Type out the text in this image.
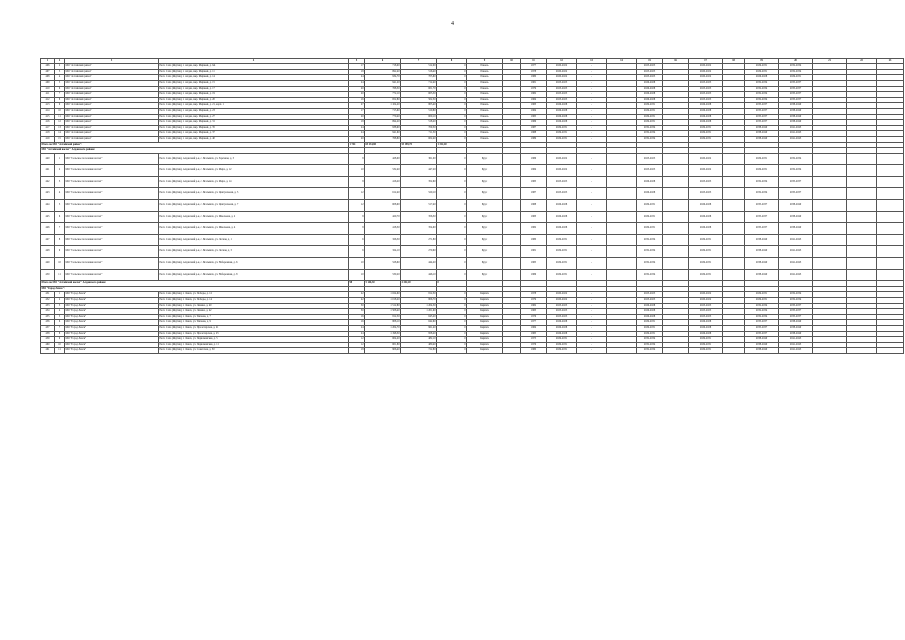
4
1	2	3	4	5	6	7	8	9	10	11	12	13	14	15	16	17	18	19	20	21	22	23
406	2	МО "Алтайский район"	Респ. Саха (Якутия), г. Алдан, мкр. Мирный, д. 9А	17	718,00	512,00	0	Панель		1977	2020-2022	-		2023-2025		2020-2022		2029-2031	2032-2034			
407	3	МО "Алтайский район"	Респ. Саха (Якутия), г. Алдан, мкр. Мирный, д. 11	18	692,40	516,40	0	Панель		1978	2020-2022	-		2023-2025		2020-2022		2029-2031	2032-2034			
408	4	МО "Алтайский район"	Респ. Саха (Якутия), г. Алдан, мкр. Мирный, д. 14	24	934,70	705,60	0	Панель		1980	2020-2022	-		2023-2025		2020-2022		2026-2028	2029-2031			
409	5	МО "Алтайский район"	Респ. Саха (Якутия), г. Алдан, мкр. Мирный, д. 15	24	941,20	712,40	0	Панель		1981	2023-2025	-		2026-2028		2023-2025		2032-2034	2035-2037			
410	6	МО "Алтайский район"	Респ. Саха (Якутия), г. Алдан, мкр. Мирный, д. 17	20	768,30	601,70	0	Панель		1979	2023-2025	-		2026-2028		2023-2025		2032-2034	2035-2037			
411	7	МО "Алтайский район"	Респ. Саха (Якутия), г. Алдан, мкр. Мирный, д. 19	20	772,10	603,50	0	Панель		1982	2023-2025	-		2026-2028		2023-2025		2032-2034	2035-2037			
412	8	МО "Алтайский район"	Респ. Саха (Якутия), г. Алдан, мкр. Мирный, д. 20	16	652,80	502,30	0	Панель		1984	2023-2025	-		2026-2028		2023-2025		2032-2034	2035-2037			
413	9	МО "Алтайский район"	Респ. Саха (Якутия), г. Алдан, мкр. Мирный, д. 21, корп. 1	27	1 104,20	805,40	0	Панель		1983	2026-2028	-		2029-2031		2026-2028		2035-2037	2038-2040			
414	10	МО "Алтайский район"	Респ. Саха (Якутия), г. Алдан, мкр. Мирный, д. 23	17	715,60	510,80	0	Панель		1984	2026-2028	-		2029-2031		2026-2028		2035-2037	2038-2040			
415	11	МО "Алтайский район"	Респ. Саха (Якутия), г. Алдан, мкр. Мирный, д. 27	20	770,40	600,10	0	Панель		1985	2026-2028	-		2029-2031		2026-2028		2035-2037	2038-2040			
416	12	МО "Алтайский район"	Респ. Саха (Якутия), г. Алдан, мкр. Мирный, д. 31	18	694,20	518,20	0	Панель		1986	2026-2028	-		2029-2031		2026-2028		2035-2037	2038-2040			
417	13	МО "Алтайский район"	Респ. Саха (Якутия), г. Алдан, мкр. Мирный, д. 35	24	938,90	709,30	0	Панель		1987	2029-2031	-		2032-2034		2029-2031		2038-2040	2041-2043			
418	14	МО "Алтайский район"	Респ. Саха (Якутия), г. Алдан, мкр. Мирный, д. 37	24	941,60	711,50	0	Панель		1988	2029-2031	-		2032-2034		2029-2031		2038-2040	2041-2043			
419	15	МО "Алтайский район"	Респ. Саха (Якутия), г. Алдан, мкр. Мирный, д. 40	20	768,80	602,40	0	Панель		1989	2029-2031	-		2032-2034		2029-2031		2038-2040	2041-2043			
Итого по МО "Алтайский район":				1 744	65 234,80	53 189,70	1 312,40															
МО "Алтайский наслег" Алданского района:																						
440	1	МО "Сельское поселение наслег"	Респ. Саха (Якутия), Алданский р-н, с. Ыллымах, ул. Заречная, д. 3	8	428,00	361,00	0	Брус		1986	2020-2022	-		2023-2025		2020-2022		2029-2031	2032-2034			
441	2	МО "Сельское поселение наслег"	Респ. Саха (Якутия), Алданский р-н, с. Ыллымах, ул. Мира, д. 12	10	532,40	447,20	0	Брус		1984	2020-2022	-		2023-2025		2020-2022		2029-2031	2032-2034			
442	3	МО "Сельское поселение наслег"	Респ. Саха (Якутия), Алданский р-н, с. Ыллымах, ул. Мира, д. 14	8	416,20	352,60	0	Брус		1985	2023-2025	-		2026-2028		2023-2025		2032-2034	2035-2037			
443	4	МО "Сельское поселение наслег"	Респ. Саха (Якутия), Алданский р-н, с. Ыллымах, ул. Центральная, д. 5	12	612,40	520,10	0	Брус		1987	2023-2025	-		2026-2028		2023-2025		2032-2034	2035-2037			
444	5	МО "Сельское поселение наслег"	Респ. Саха (Якутия), Алданский р-н, с. Ыллымах, ул. Центральная, д. 7	12	608,90	517,40	0	Брус		1988	2026-2028	-		2029-2031		2026-2028		2035-2037	2038-2040			
445	6	МО "Сельское поселение наслег"	Респ. Саха (Якутия), Алданский р-н, с. Ыллымах, ул. Школьная, д. 2	8	420,70	356,30	0	Брус		1983	2026-2028	-		2029-2031		2026-2028		2035-2037	2038-2040			
446	7	МО "Сельское поселение наслег"	Респ. Саха (Якутия), Алданский р-н, с. Ыллымах, ул. Школьная, д. 4	8	418,30	354,90	0	Брус		1982	2026-2028	-		2029-2031		2026-2028		2035-2037	2038-2040			
447	8	МО "Сельское поселение наслег"	Респ. Саха (Якутия), Алданский р-н, с. Ыллымах, ул. Лесная, д. 1	6	326,50	271,80	0	Брус		1980	2029-2031	-		2032-2034		2029-2031		2038-2040	2041-2043			
448	9	МО "Сельское поселение наслег"	Респ. Саха (Якутия), Алданский р-н, с. Ыллымах, ул. Лесная, д. 3	6	324,10	270,60	0	Брус		1981	2029-2031	-		2032-2034		2029-2031		2038-2040	2041-2043			
449	10	МО "Сельское поселение наслег"	Респ. Саха (Якутия), Алданский р-н, с. Ыллымах, ул. Набережная, д. 6	10	528,60	444,20	0	Брус		1985	2029-2031	-		2032-2034		2029-2031		2038-2040	2041-2043			
450	11	МО "Сельское поселение наслег"	Респ. Саха (Якутия), Алданский р-н, с. Ыллымах, ул. Набережная, д. 8	10	530,20	446,10	0	Брус		1986	2029-2031	-		2032-2034		2029-2031		2038-2040	2041-2043			
Итого по МО "Алтайский наслег" Алданского района:				98	5 146,30	4 342,20	0															
МО "Город Ленск":																						
451	1	МО "Город Ленск"	Респ. Саха (Якутия), г. Ленск, ул. Победы, д. 12	22	1 024,60	812,30	0	Кирпич		1978	2020-2022	-		2023-2025		2020-2022		2029-2031	2032-2034			
452	2	МО "Город Ленск"	Респ. Саха (Якутия), г. Ленск, ул. Победы, д. 14	22	1 018,20	806,70	0	Кирпич		1979	2020-2022	-		2023-2025		2020-2022		2029-2031	2032-2034			
453	3	МО "Город Ленск"	Респ. Саха (Якутия), г. Ленск, ул. Ленина, д. 40	30	1 512,80	1 204,50	0	Кирпич		1982	2023-2025	-		2026-2028		2023-2025		2032-2034	2035-2037			
454	4	МО "Город Ленск"	Респ. Саха (Якутия), г. Ленск, ул. Ленина, д. 42	30	1 508,40	1 201,90	0	Кирпич		1983	2023-2025	-		2026-2028		2023-2025		2032-2034	2035-2037			
455	5	МО "Город Ленск"	Респ. Саха (Якутия), г. Ленск, ул. Чапаева, д. 7	16	812,50	645,20	0	Кирпич		1976	2023-2025	-		2026-2028		2023-2025		2032-2034	2035-2037			
456	6	МО "Город Ленск"	Респ. Саха (Якутия), г. Ленск, ул. Чапаева, д. 9	16	808,10	642,60	0	Кирпич		1977	2026-2028	-		2029-2031		2026-2028		2035-2037	2038-2040			
457	7	МО "Город Ленск"	Респ. Саха (Якутия), г. Ленск, ул. Пролетарская, д. 21	24	1 204,70	961,40	0	Кирпич		1984	2026-2028	-		2029-2031		2026-2028		2035-2037	2038-2040			
458	8	МО "Город Ленск"	Респ. Саха (Якутия), г. Ленск, ул. Пролетарская, д. 23	24	1 198,30	958,20	0	Кирпич		1985	2026-2028	-		2029-2031		2026-2028		2035-2037	2038-2040			
459	9	МО "Город Ленск"	Респ. Саха (Якутия), г. Ленск, ул. Первомайская, д. 5	12	604,20	482,10	0	Кирпич		1975	2029-2031	-		2032-2034		2029-2031		2038-2040	2041-2043			
460	10	МО "Город Ленск"	Респ. Саха (Якутия), г. Ленск, ул. Первомайская, д. 11	12	601,80	480,40	0	Кирпич		1976	2029-2031	-		2032-2034		2029-2031		2038-2040	2041-2043			
461	11	МО "Город Ленск"	Респ. Саха (Якутия), г. Ленск, ул. Советская, д. 30	18	906,40	722,80	0	Кирпич		1980	2029-2031	-		2032-2034		2029-2031		2038-2040	2041-2043			
